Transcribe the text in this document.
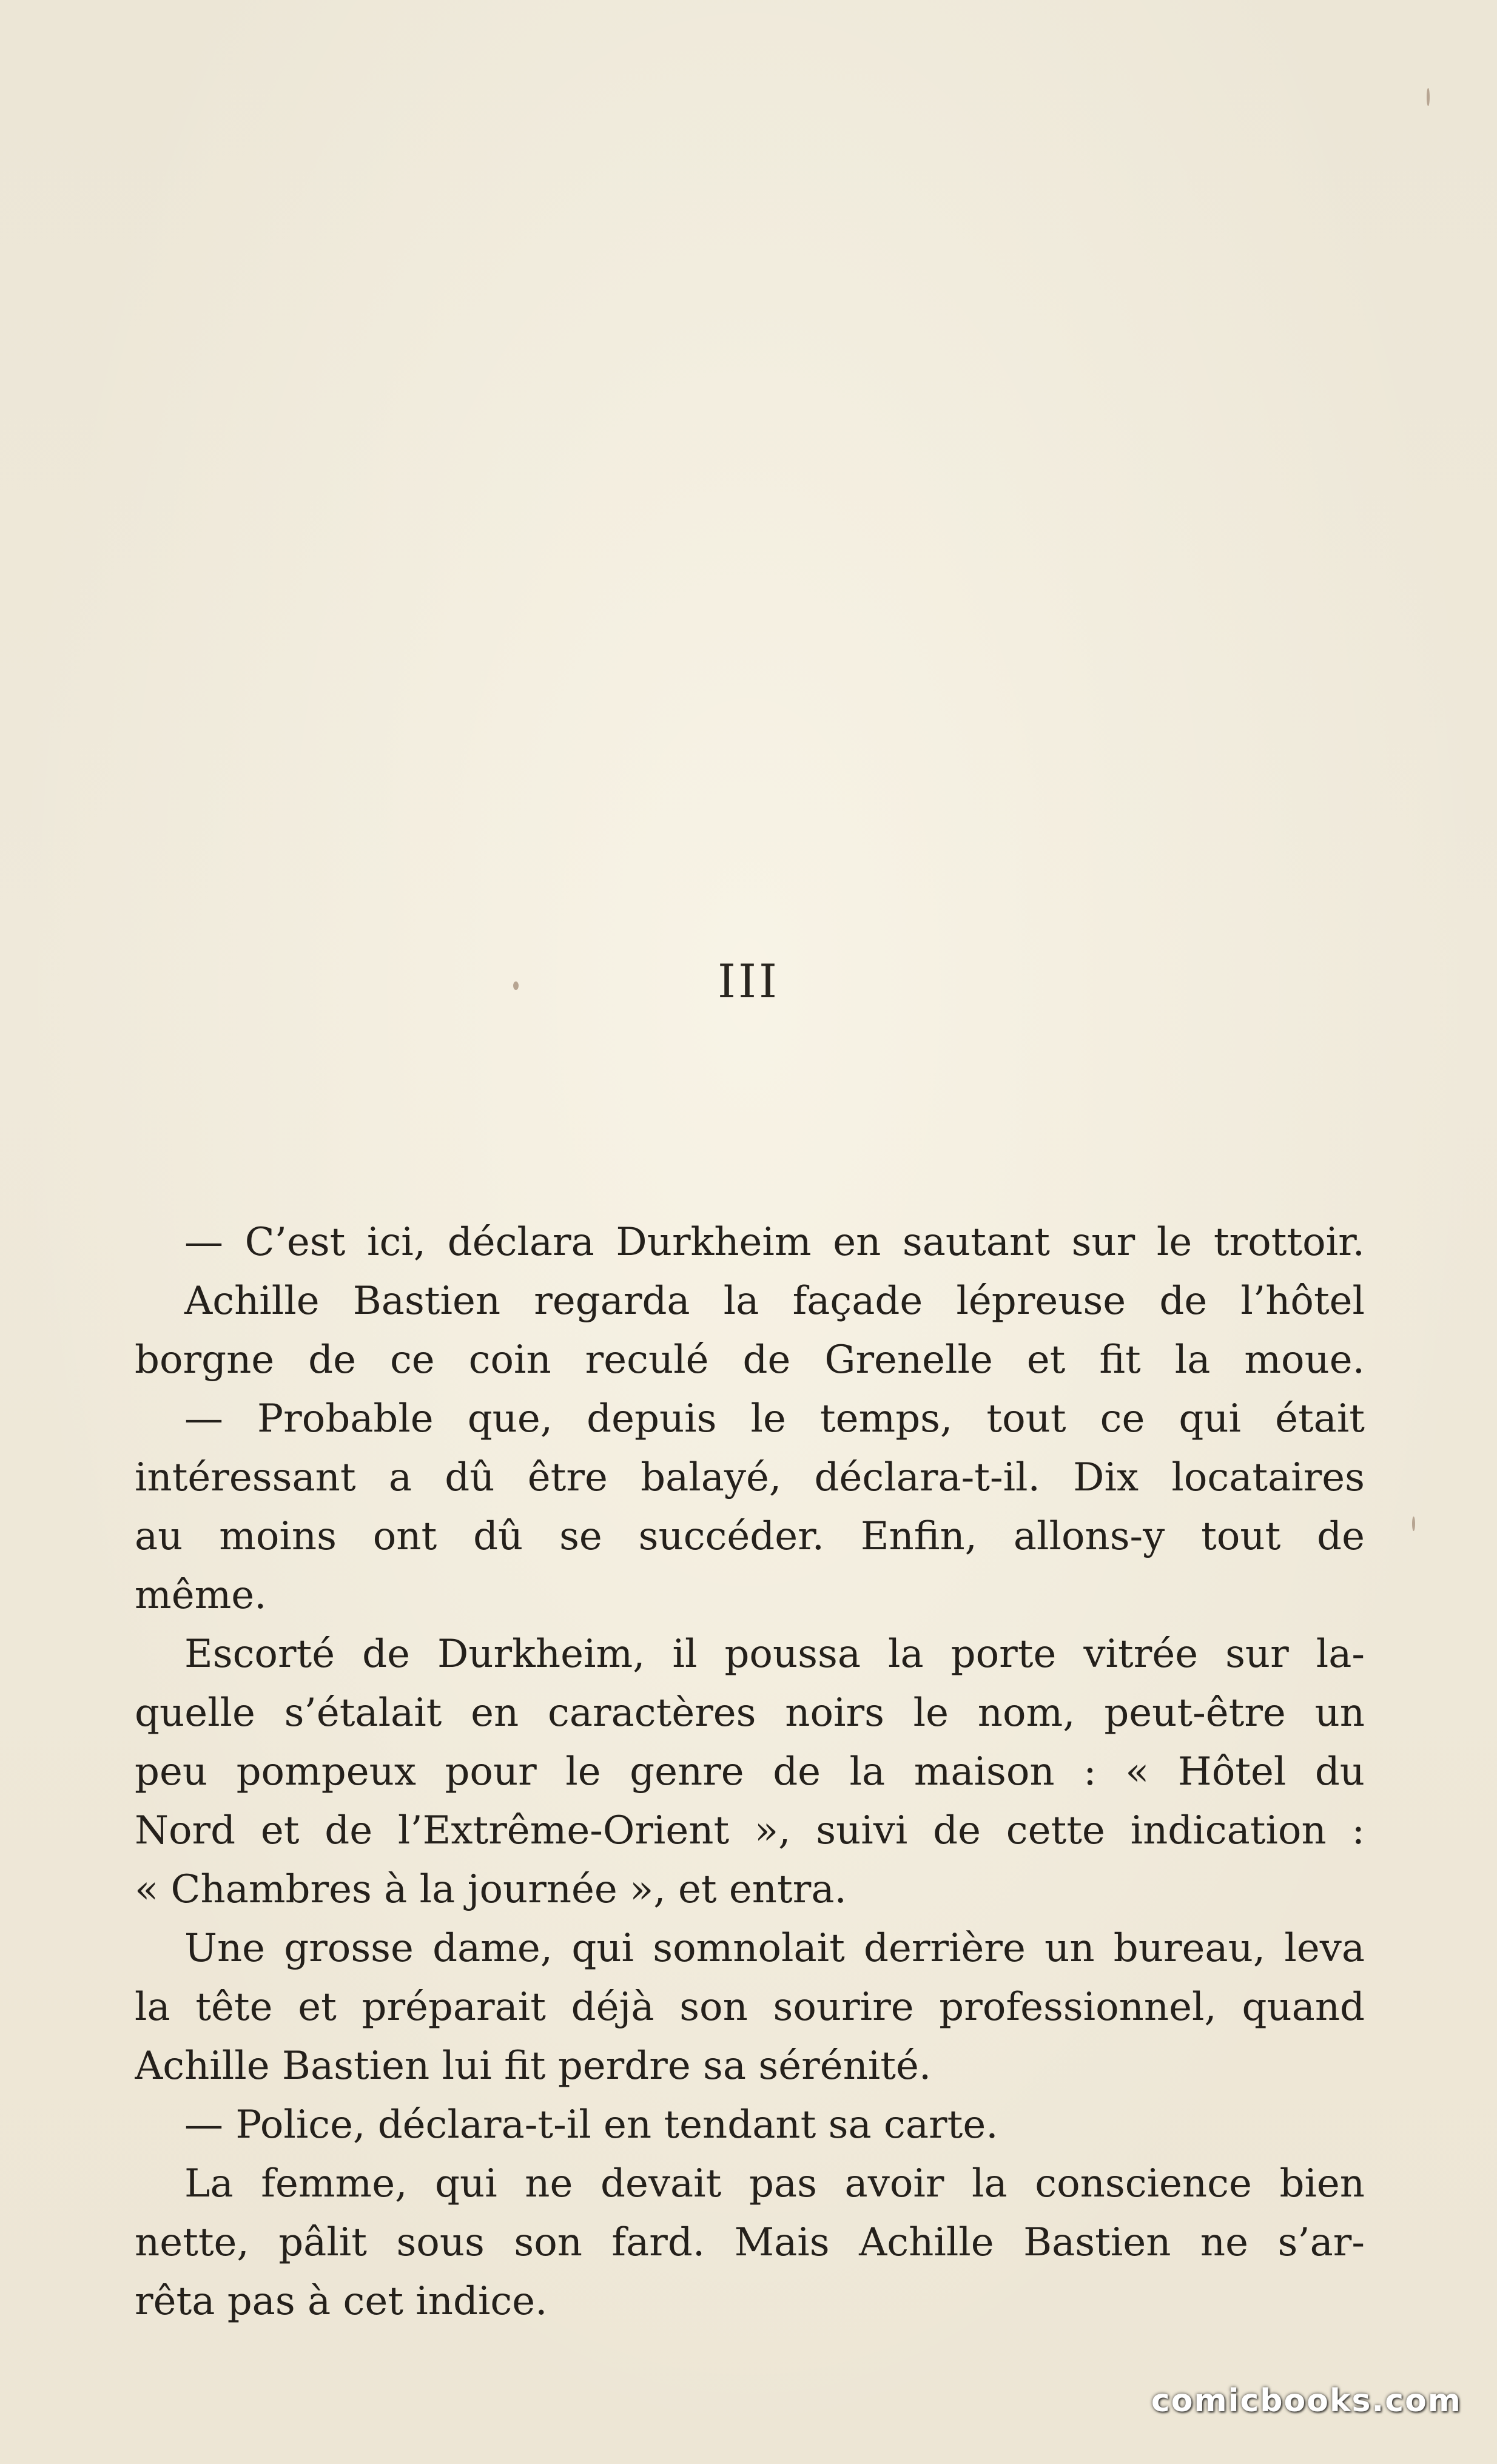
III
— C’est ici, déclara Durkheim en sautant sur le trottoir.
Achille Bastien regarda la façade lépreuse de l’hôtel
borgne de ce coin reculé de Grenelle et fit la moue.
— Probable que, depuis le temps, tout ce qui était
intéressant a dû être balayé, déclara-t-il. Dix locataires
au moins ont dû se succéder. Enfin, allons-y tout de
même.
Escorté de Durkheim, il poussa la porte vitrée sur la-
quelle s’étalait en caractères noirs le nom, peut-être un
peu pompeux pour le genre de la maison : « Hôtel du
Nord et de l’Extrême-Orient », suivi de cette indication :
« Chambres à la journée », et entra.
Une grosse dame, qui somnolait derrière un bureau, leva
la tête et préparait déjà son sourire professionnel, quand
Achille Bastien lui fit perdre sa sérénité.
— Police, déclara-t-il en tendant sa carte.
La femme, qui ne devait pas avoir la conscience bien
nette, pâlit sous son fard. Mais Achille Bastien ne s’ar-
rêta pas à cet indice.
comicbooks.com
